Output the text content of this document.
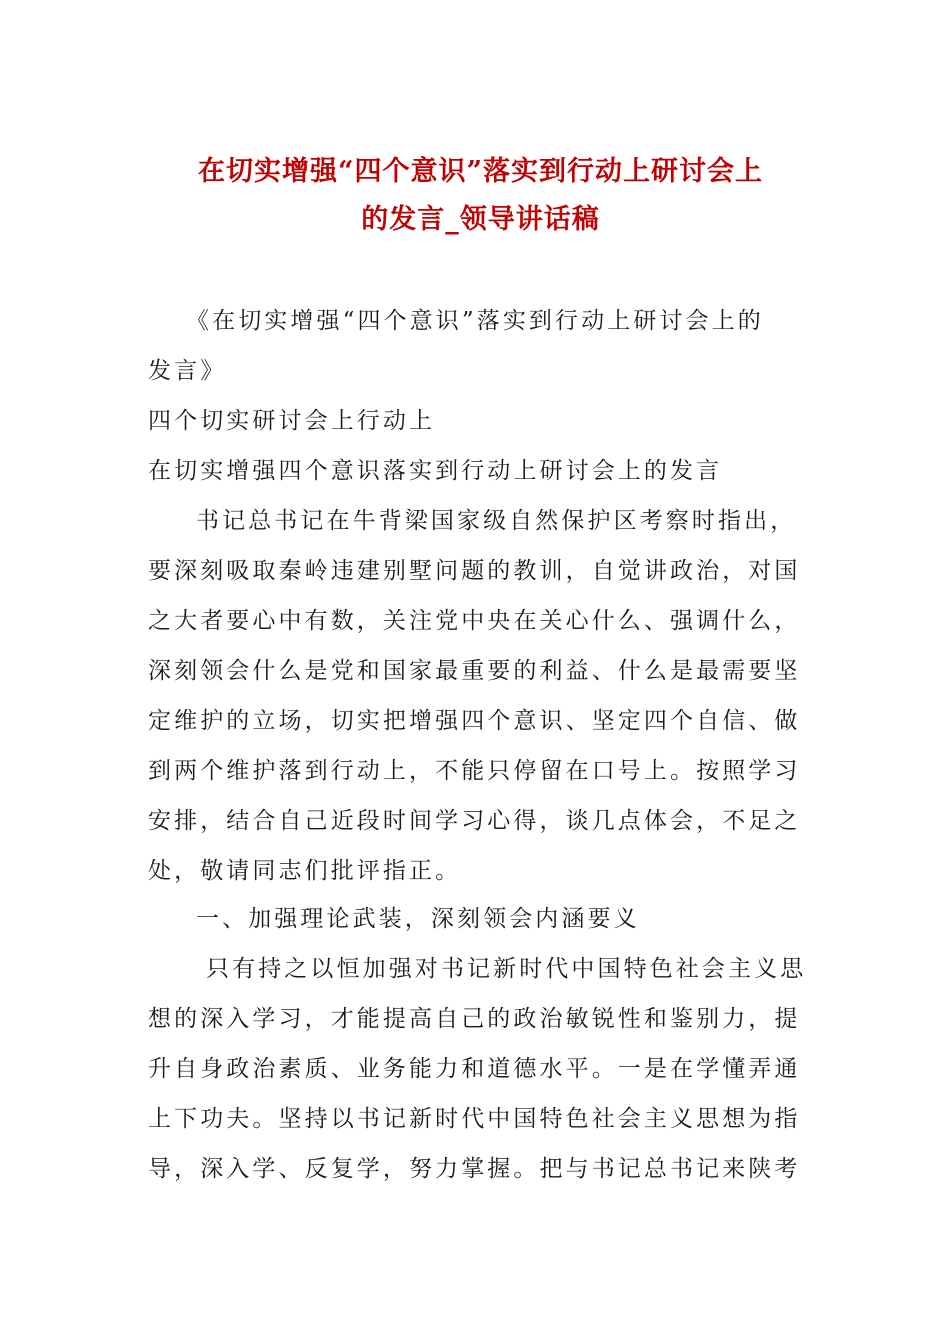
在切实增强“四个意识”落实到行动上研讨会上
的发言_领导讲话稿
《在切实增强“四个意识”落实到行动上研讨会上的
发言》
四个切实研讨会上行动上
在切实增强四个意识落实到行动上研讨会上的发言
书记总书记在牛背梁国家级自然保护区考察时指出，
要深刻吸取秦岭违建别墅问题的教训，自觉讲政治，对国
之大者要心中有数，关注党中央在关心什么、强调什么，
深刻领会什么是党和国家最重要的利益、什么是最需要坚
定维护的立场，切实把增强四个意识、坚定四个自信、做
到两个维护落到行动上，不能只停留在口号上。按照学习
安排，结合自己近段时间学习心得，谈几点体会，不足之
处，敬请同志们批评指正。
一、加强理论武装，深刻领会内涵要义
只有持之以恒加强对书记新时代中国特色社会主义思
想的深入学习，才能提高自己的政治敏锐性和鉴别力，提
升自身政治素质、业务能力和道德水平。一是在学懂弄通
上下功夫。坚持以书记新时代中国特色社会主义思想为指
导，深入学、反复学，努力掌握。把与书记总书记来陕考
